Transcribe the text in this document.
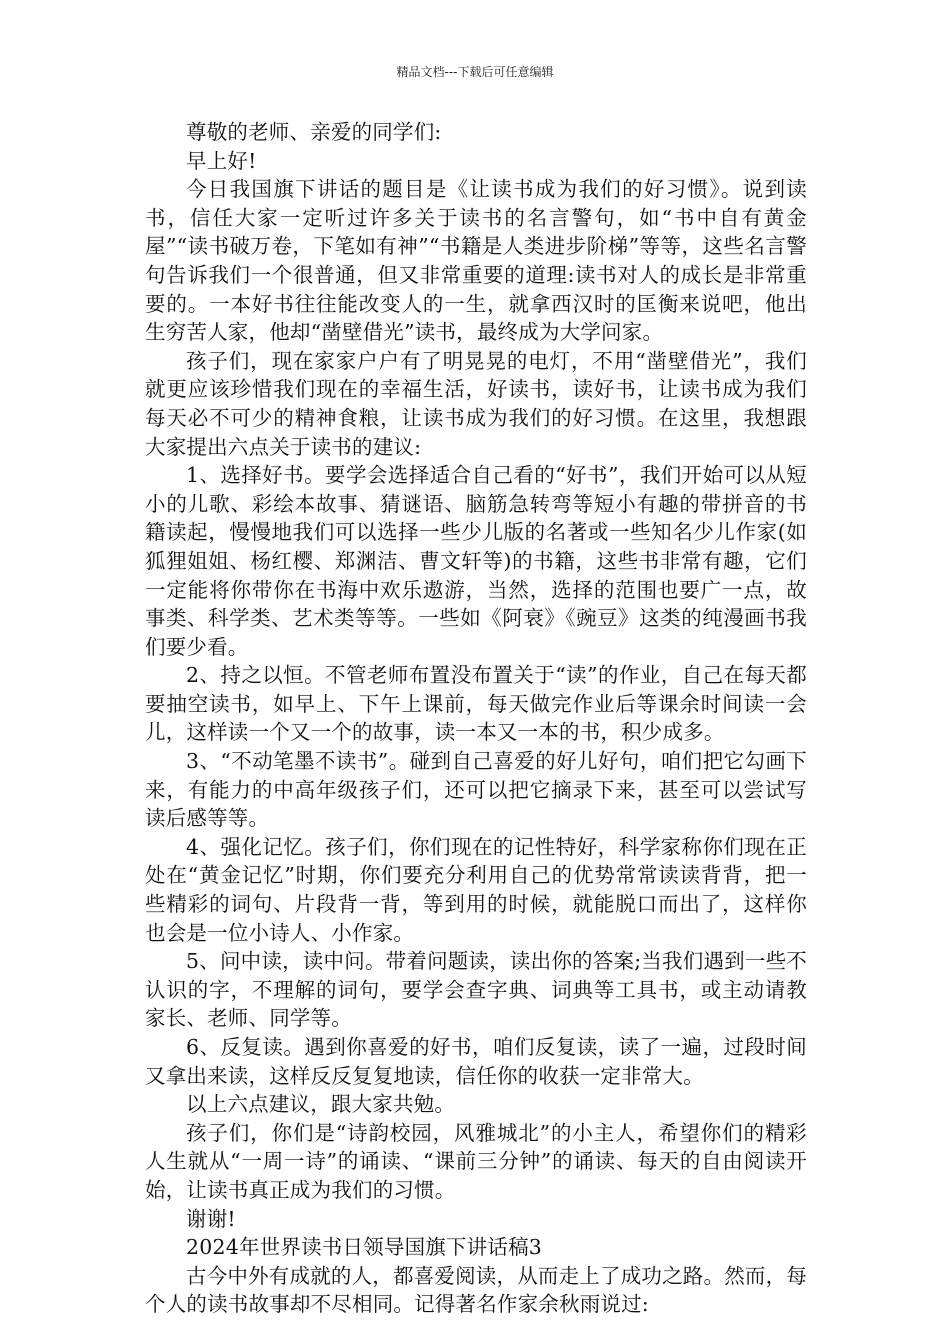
精品文档---下载后可任意编辑

尊敬的老师、亲爱的同学们:

早上好!

今日我国旗下讲话的题目是《让读书成为我们的好习惯》。说到读书，信任大家一定听过许多关于读书的名言警句，如“书中自有黄金屋”“读书破万卷，下笔如有神”“书籍是人类进步阶梯”等等，这些名言警句告诉我们一个很普通，但又非常重要的道理:读书对人的成长是非常重要的。一本好书往往能改变人的一生，就拿西汉时的匡衡来说吧，他出生穷苦人家，他却“凿壁借光”读书，最终成为大学问家。

孩子们，现在家家户户有了明晃晃的电灯，不用“凿壁借光”，我们就更应该珍惜我们现在的幸福生活，好读书，读好书，让读书成为我们每天必不可少的精神食粮，让读书成为我们的好习惯。在这里，我想跟大家提出六点关于读书的建议:

1、选择好书。要学会选择适合自己看的“好书”，我们开始可以从短小的儿歌、彩绘本故事、猜谜语、脑筋急转弯等短小有趣的带拼音的书籍读起，慢慢地我们可以选择一些少儿版的名著或一些知名少儿作家(如狐狸姐姐、杨红樱、郑渊洁、曹文轩等)的书籍，这些书非常有趣，它们一定能将你带你在书海中欢乐遨游，当然，选择的范围也要广一点，故事类、科学类、艺术类等等。一些如《阿衰》《豌豆》这类的纯漫画书我们要少看。

2、持之以恒。不管老师布置没布置关于“读”的作业，自己在每天都要抽空读书，如早上、下午上课前，每天做完作业后等课余时间读一会儿，这样读一个又一个的故事，读一本又一本的书，积少成多。

3、“不动笔墨不读书”。碰到自己喜爱的好儿好句，咱们把它勾画下来，有能力的中高年级孩子们，还可以把它摘录下来，甚至可以尝试写读后感等等。

4、强化记忆。孩子们，你们现在的记性特好，科学家称你们现在正处在“黄金记忆”时期，你们要充分利用自己的优势常常读读背背，把一些精彩的词句、片段背一背，等到用的时候，就能脱口而出了，这样你也会是一位小诗人、小作家。

5、问中读，读中问。带着问题读，读出你的答案;当我们遇到一些不认识的字，不理解的词句，要学会查字典、词典等工具书，或主动请教家长、老师、同学等。

6、反复读。遇到你喜爱的好书，咱们反复读，读了一遍，过段时间又拿出来读，这样反反复复地读，信任你的收获一定非常大。

以上六点建议，跟大家共勉。

孩子们，你们是“诗韵校园，风雅城北”的小主人，希望你们的精彩人生就从“一周一诗”的诵读、“课前三分钟”的诵读、每天的自由阅读开始，让读书真正成为我们的习惯。

谢谢!

2024年世界读书日领导国旗下讲话稿3

古今中外有成就的人，都喜爱阅读，从而走上了成功之路。然而，每个人的读书故事却不尽相同。记得著名作家余秋雨说过:
